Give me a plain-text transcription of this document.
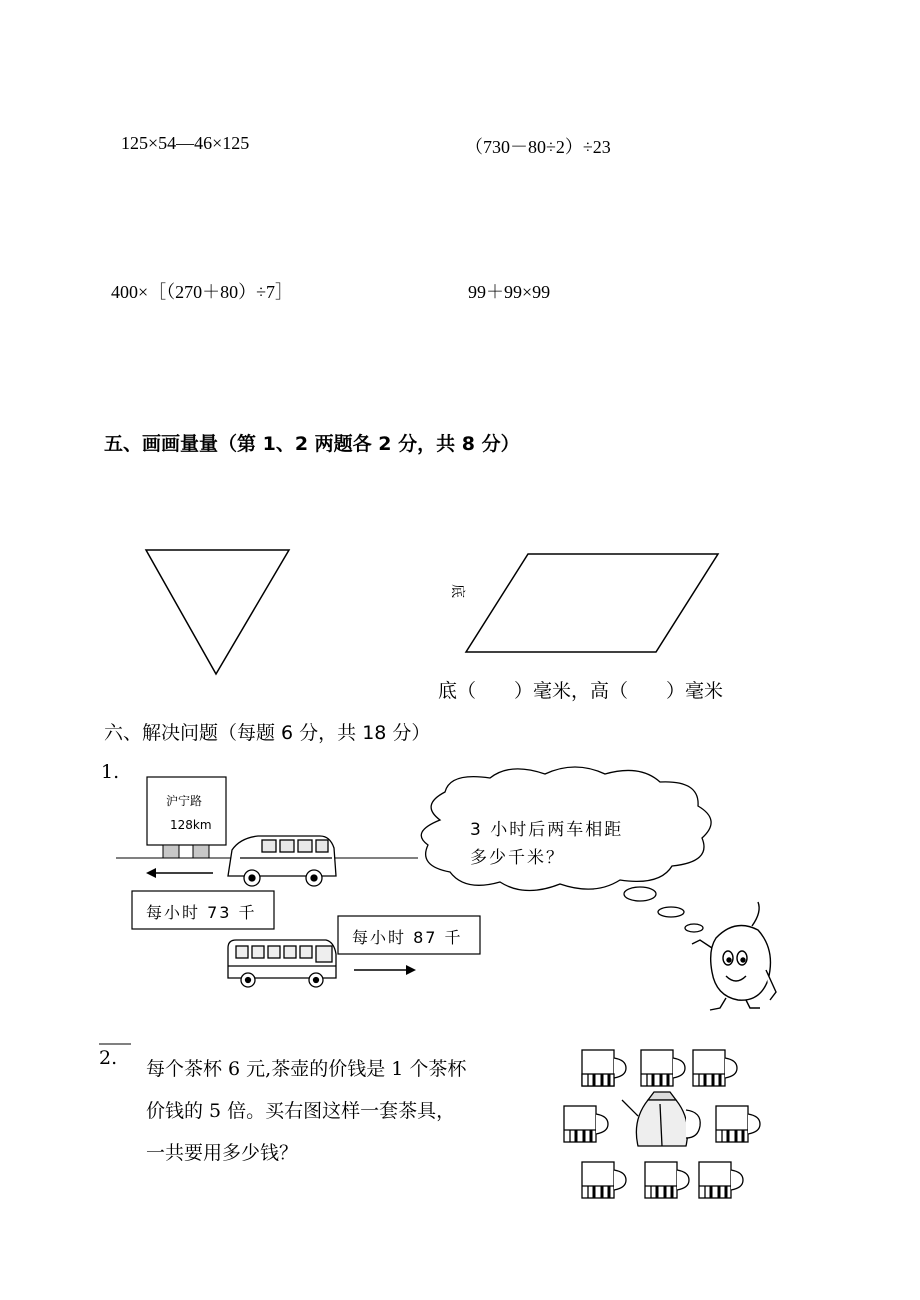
125×54—46×125	（730－80÷2）÷23
400×［（270＋80）÷7］	99＋99×99
五、画画量量（第 1、2 两题各 2 分，共 8 分）
底
底（　　）毫米，高（　　）毫米
六、解决问题（每题 6 分，共 18 分）
1.
沪宁路
128km
每小时 73 千
每小时 87 千
3 小时后两车相距
多少千米？
2. 每个茶杯 6 元,茶壶的价钱是 1 个茶杯
价钱的 5 倍。买右图这样一套茶具，
一共要用多少钱？
